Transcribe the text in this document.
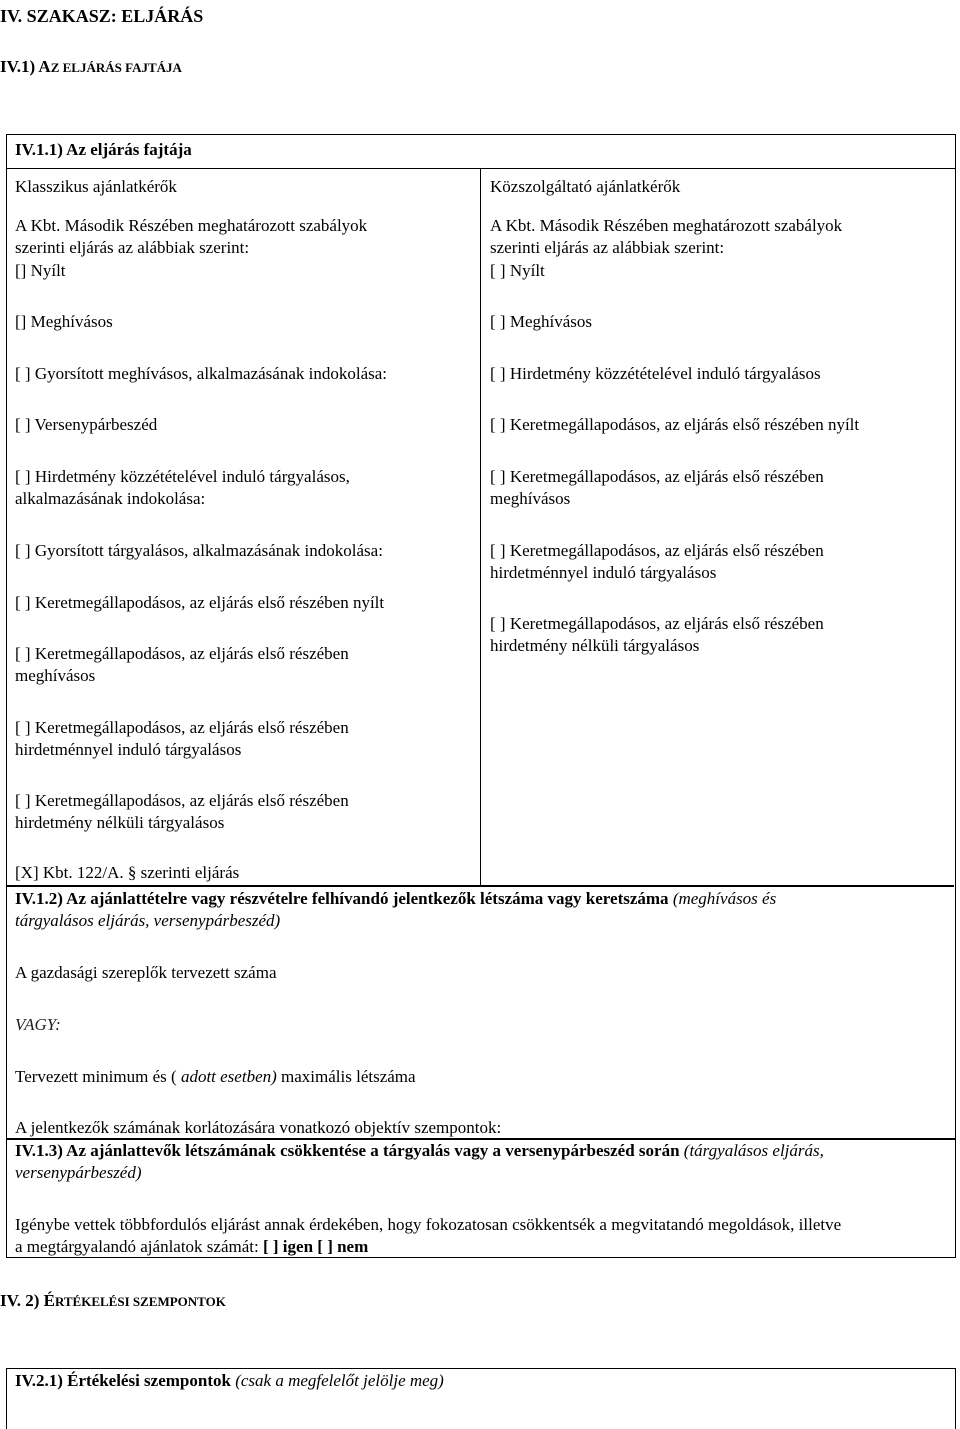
IV. SZAKASZ: ELJÁRÁS
IV.1) AZ ELJÁRÁS FAJTÁJA
IV.1.1) Az eljárás fajtája
Klasszikus ajánlatkérők
A Kbt. Második Részében meghatározott szabályok
szerinti eljárás az alábbiak szerint:
[] Nyílt
[] Meghívásos
[ ] Gyorsított meghívásos, alkalmazásának indokolása:
[ ] Versenypárbeszéd
[ ] Hirdetmény közzétételével induló tárgyalásos,
alkalmazásának indokolása:
[ ] Gyorsított tárgyalásos, alkalmazásának indokolása:
[ ] Keretmegállapodásos, az eljárás első részében nyílt
[ ] Keretmegállapodásos, az eljárás első részében
meghívásos
[ ] Keretmegállapodásos, az eljárás első részében
hirdetménnyel induló tárgyalásos
[ ] Keretmegállapodásos, az eljárás első részében
hirdetmény nélküli tárgyalásos
[X] Kbt. 122/A. § szerinti eljárás
Közszolgáltató ajánlatkérők
A Kbt. Második Részében meghatározott szabályok
szerinti eljárás az alábbiak szerint:
[ ] Nyílt
[ ] Meghívásos
[ ] Hirdetmény közzétételével induló tárgyalásos
[ ] Keretmegállapodásos, az eljárás első részében nyílt
[ ] Keretmegállapodásos, az eljárás első részében
meghívásos
[ ] Keretmegállapodásos, az eljárás első részében
hirdetménnyel induló tárgyalásos
[ ] Keretmegállapodásos, az eljárás első részében
hirdetmény nélküli tárgyalásos
IV.1.2) Az ajánlattételre vagy részvételre felhívandó jelentkezők létszáma vagy keretszáma (meghívásos és
tárgyalásos eljárás, versenypárbeszéd)
A gazdasági szereplők tervezett száma
VAGY:
Tervezett minimum és ( adott esetben) maximális létszáma
A jelentkezők számának korlátozására vonatkozó objektív szempontok:
IV.1.3) Az ajánlattevők létszámának csökkentése a tárgyalás vagy a versenypárbeszéd során (tárgyalásos eljárás,
versenypárbeszéd)
Igénybe vettek többfordulós eljárást annak érdekében, hogy fokozatosan csökkentsék a megvitatandó megoldások, illetve
a megtárgyalandó ajánlatok számát: [ ] igen [ ] nem
IV. 2) ÉRTÉKELÉSI SZEMPONTOK
IV.2.1) Értékelési szempontok (csak a megfelelőt jelölje meg)
